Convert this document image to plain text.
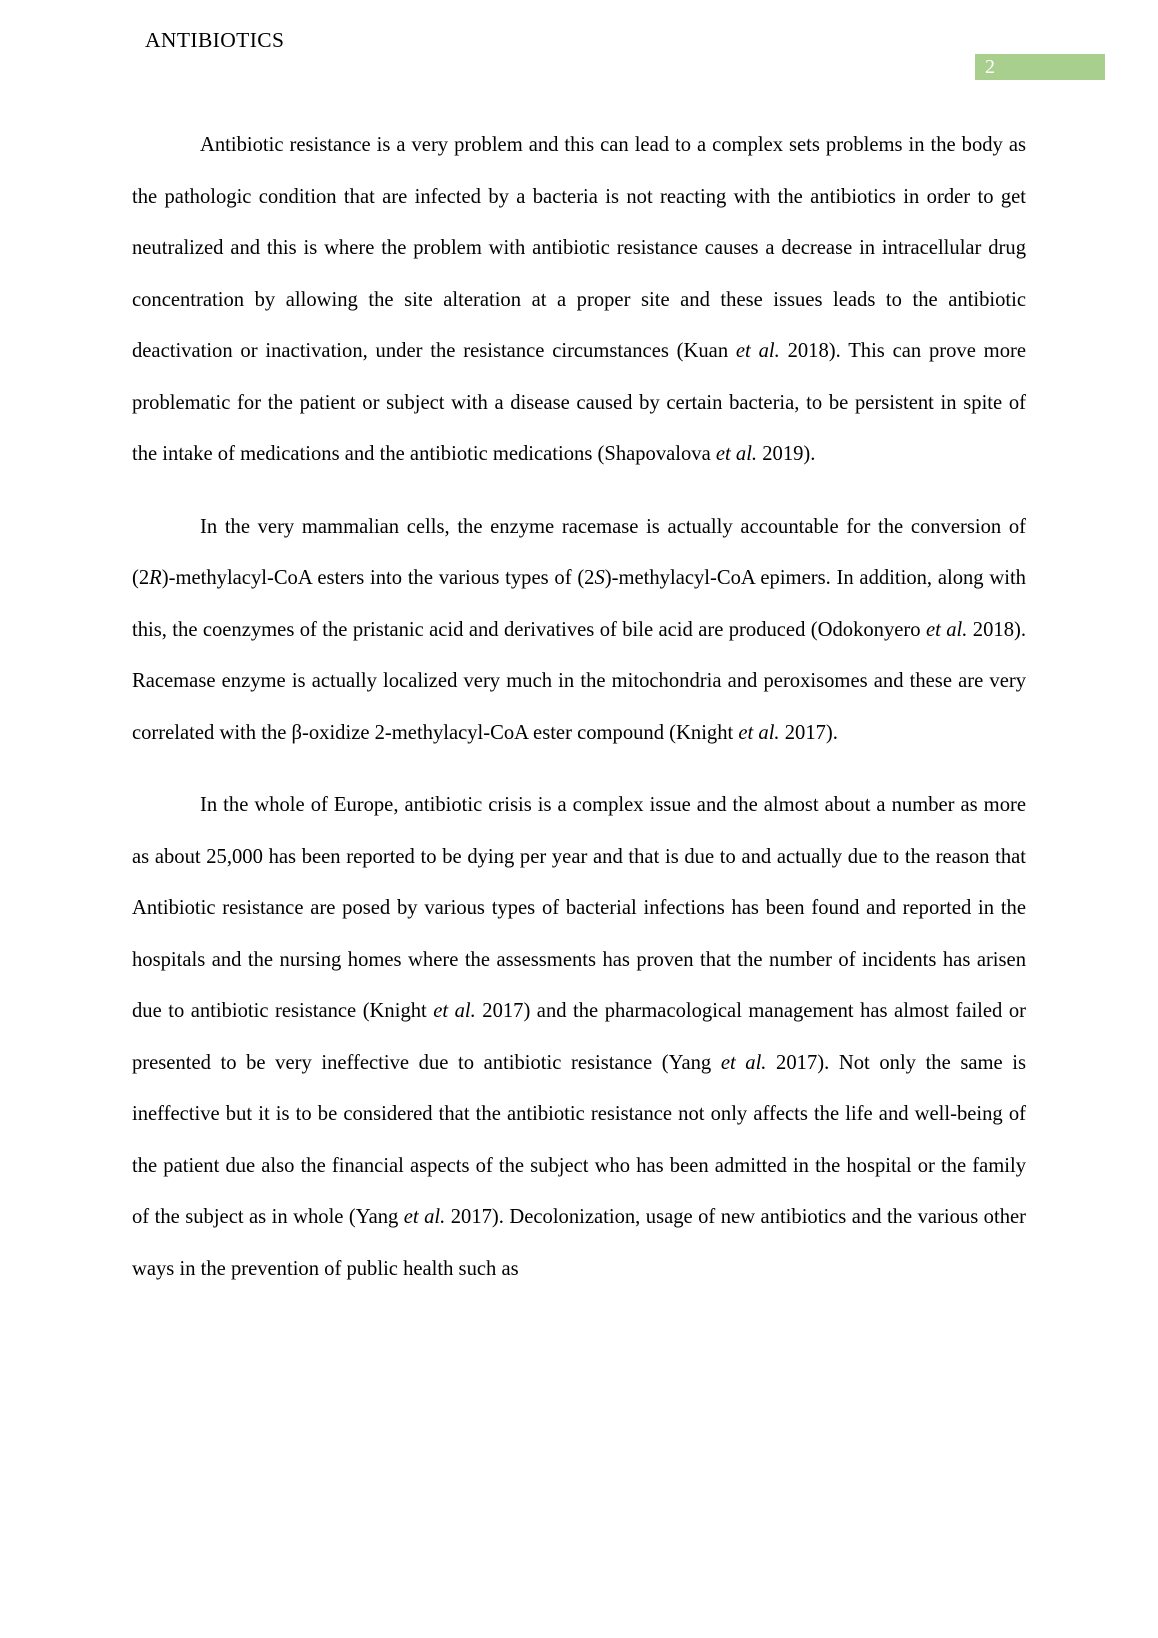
ANTIBIOTICS
2

Antibiotic resistance is a very problem and this can lead to a complex sets problems in the body as the pathologic condition that are infected by a bacteria is not reacting with the antibiotics in order to get neutralized and this is where the problem with antibiotic resistance causes a decrease in intracellular drug concentration by allowing the site alteration at a proper site and these issues leads to the antibiotic deactivation or inactivation, under the resistance circumstances (Kuan et al. 2018). This can prove more problematic for the patient or subject with a disease caused by certain bacteria, to be persistent in spite of the intake of medications and the antibiotic medications (Shapovalova et al. 2019).

In the very mammalian cells, the enzyme racemase is actually accountable for the conversion of (2R)-methylacyl-CoA esters into the various types of (2S)-methylacyl-CoA epimers. In addition, along with this, the coenzymes of the pristanic acid and derivatives of bile acid are produced (Odokonyero et al. 2018). Racemase enzyme is actually localized very much in the mitochondria and peroxisomes and these are very correlated with the β-oxidize 2-methylacyl-CoA ester compound (Knight et al. 2017).

In the whole of Europe, antibiotic crisis is a complex issue and the almost about a number as more as about 25,000 has been reported to be dying per year and that is due to and actually due to the reason that Antibiotic resistance are posed by various types of bacterial infections has been found and reported in the hospitals and the nursing homes where the assessments has proven that the number of incidents has arisen due to antibiotic resistance (Knight et al. 2017) and the pharmacological management has almost failed or presented to be very ineffective due to antibiotic resistance (Yang et al. 2017). Not only the same is ineffective but it is to be considered that the antibiotic resistance not only affects the life and well-being of the patient due also the financial aspects of the subject who has been admitted in the hospital or the family of the subject as in whole (Yang et al. 2017). Decolonization, usage of new antibiotics and the various other ways in the prevention of public health such as
